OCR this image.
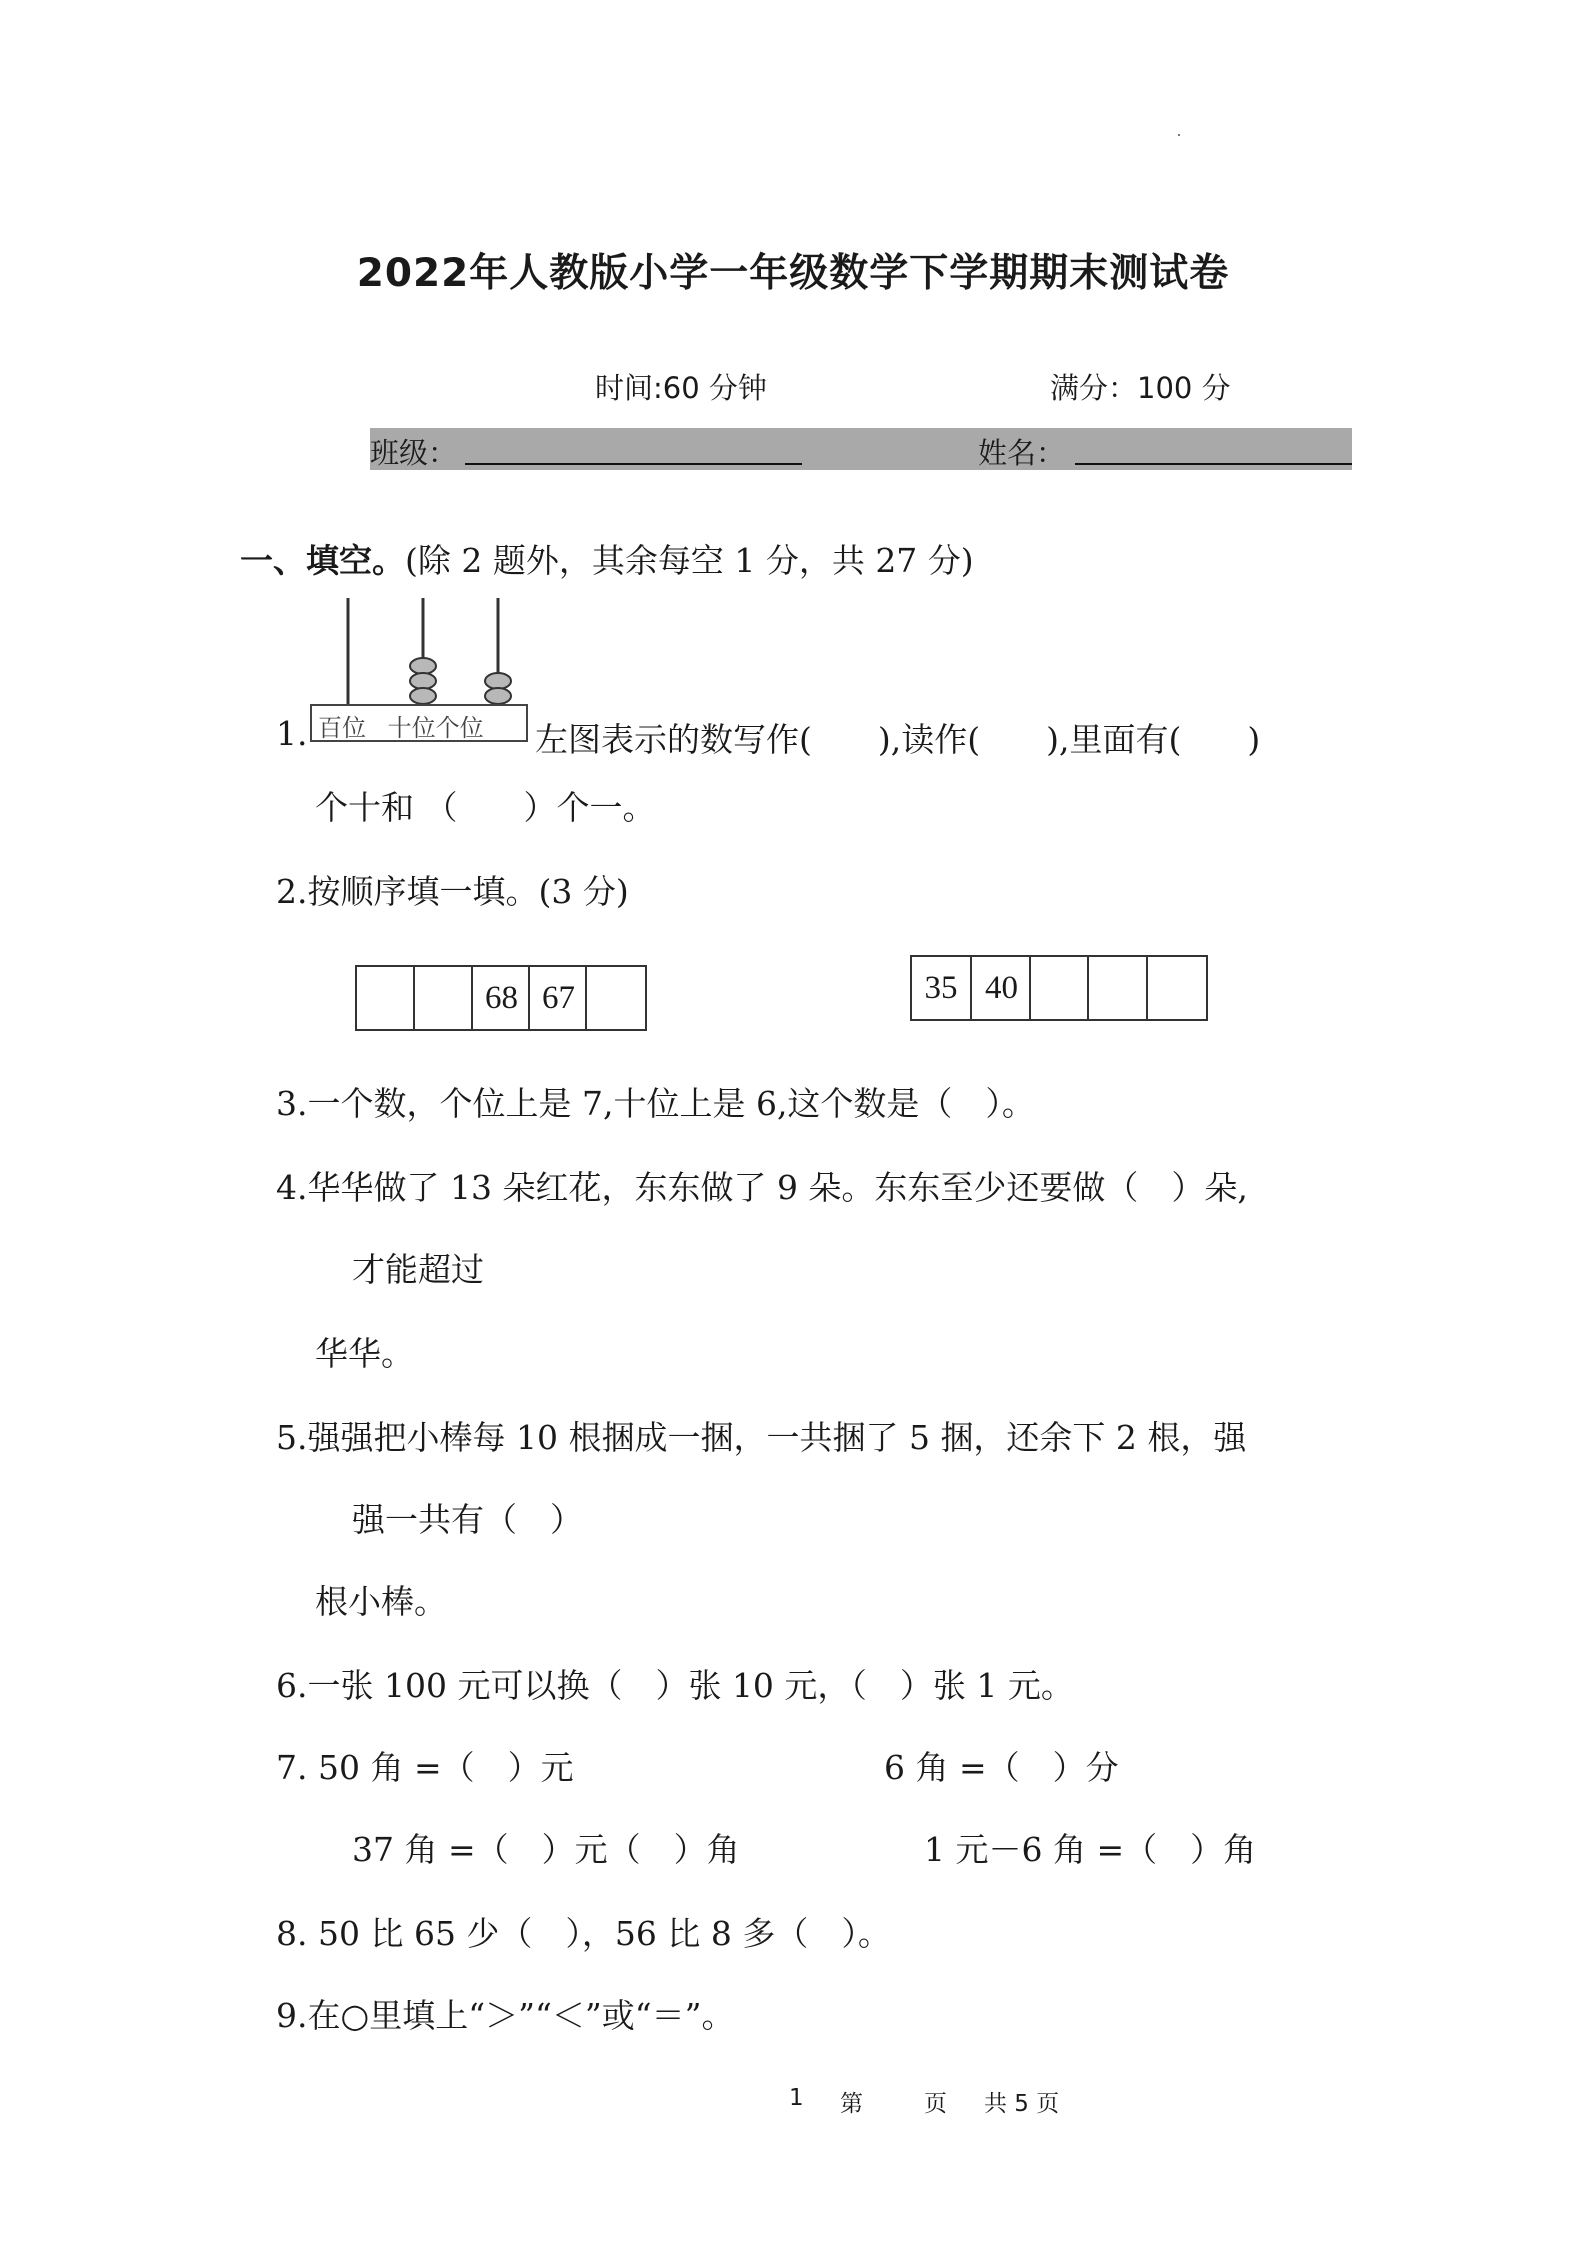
2022年人教版小学一年级数学下学期期末测试卷
时间:60 分钟	满分：100 分
班级：	姓名：
一、填空。(除 2 题外，其余每空 1 分，共 27 分)
百位 十位个位
1.	左图表示的数写作(　　),读作(　　),里面有(　　)
个十和 （　　）个一。
2.按顺序填一填。(3 分)
68 67	35 40
3.一个数，个位上是 7,十位上是 6,这个数是（　）。
4.华华做了 13 朵红花，东东做了 9 朵。东东至少还要做（　）朵,
才能超过
华华。
5.强强把小棒每 10 根捆成一捆，一共捆了 5 捆，还余下 2 根，强
强一共有（　）
根小棒。
6.一张 100 元可以换（　）张 10 元，（　）张 1 元。
7. 50 角 =（　）元	6 角 =（　）分
37 角 =（　）元（　）角	1 元－6 角 =（　）角
8. 50 比 65 少（　），56 比 8 多（　）。
9.在○里填上“＞”“＜”或“＝”。
1 第	页 共 5 页
